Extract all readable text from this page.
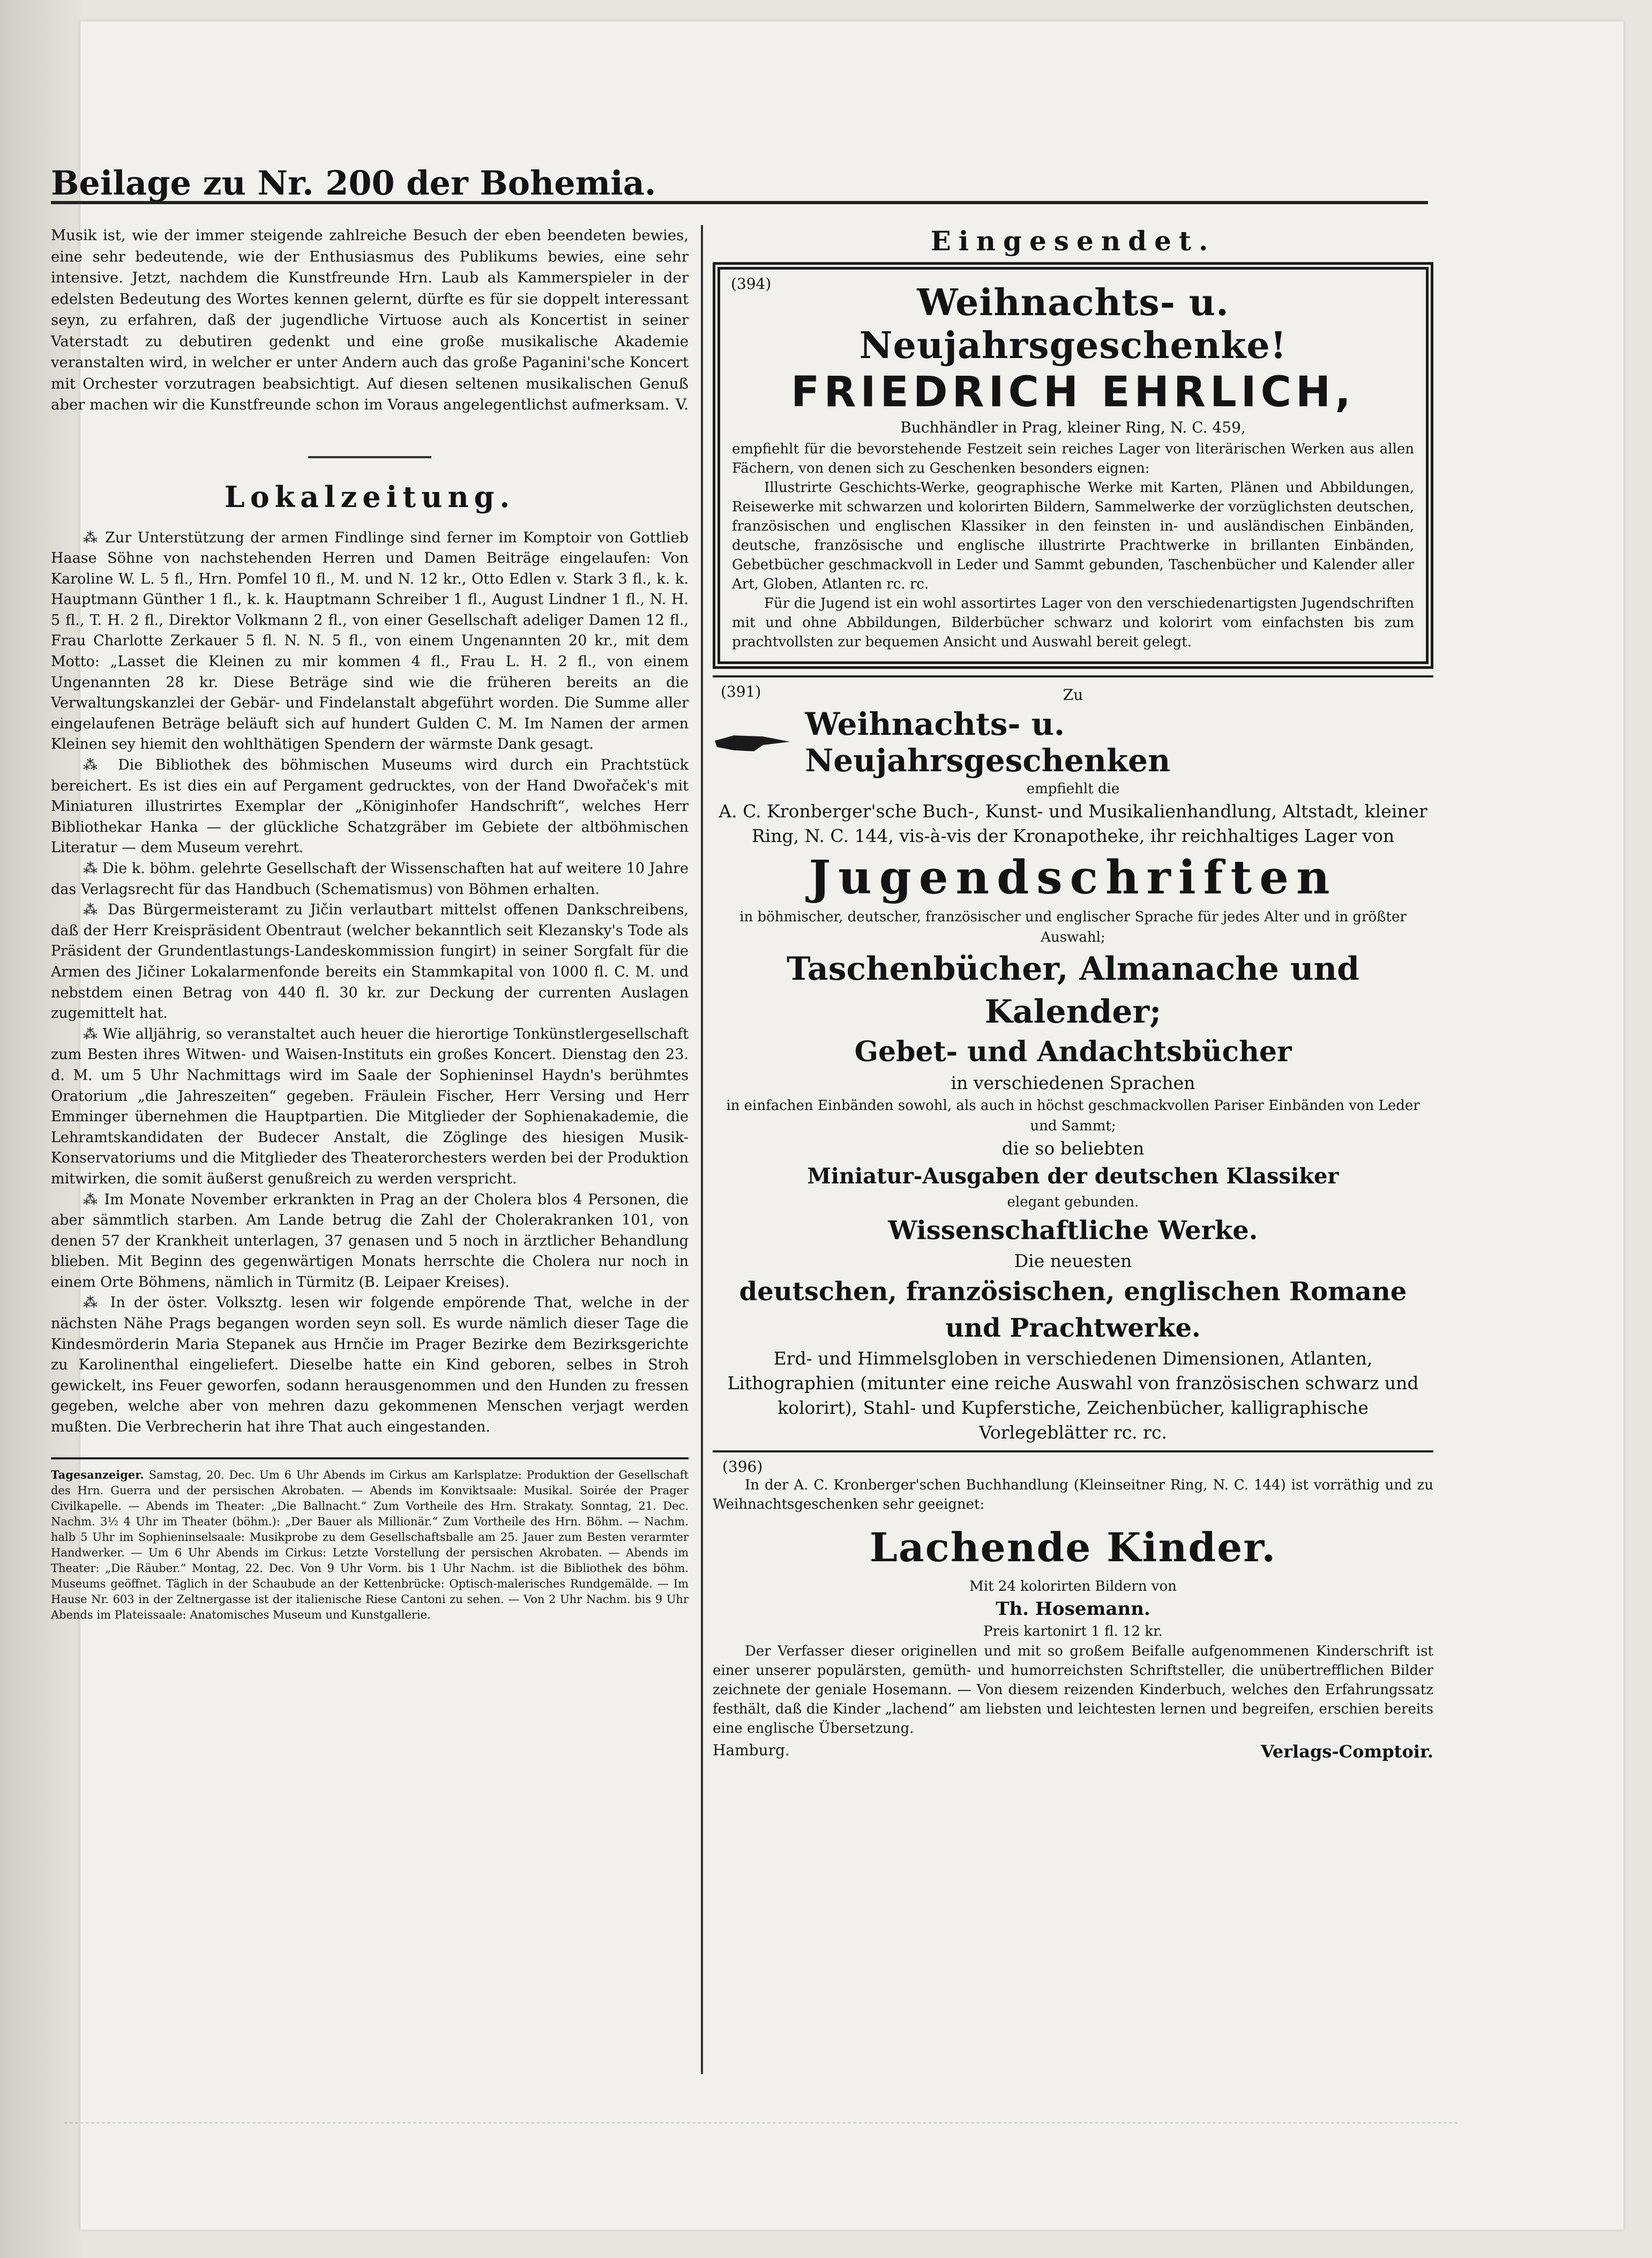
Beilage zu Nr. 200 der Bohemia.

Musik ist, wie der immer steigende zahlreiche Besuch der eben beendeten bewies, eine sehr bedeutende, wie der Enthusiasmus des Publikums bewies, eine sehr intensive. Jetzt, nachdem die Kunstfreunde Hrn. Laub als Kammerspieler in der edelsten Bedeutung des Wortes kennen gelernt, dürfte es für sie doppelt interessant seyn, zu erfahren, daß der jugendliche Virtuose auch als Koncertist in seiner Vaterstadt zu debutiren gedenkt und eine große musikalische Akademie veranstalten wird, in welcher er unter Andern auch das große Paganini'sche Koncert mit Orchester vorzutragen beabsichtigt. Auf diesen seltenen musikalischen Genuß aber machen wir die Kunstfreunde schon im Voraus angelegentlichst aufmerksam. V.

Lokalzeitung.

⁂ Zur Unterstützung der armen Findlinge sind ferner im Komptoir von Gottlieb Haase Söhne von nachstehenden Herren und Damen Beiträge eingelaufen: Von Karoline W. L. 5 fl., Hrn. Pomfel 10 fl., M. und N. 12 kr., Otto Edlen v. Stark 3 fl., k. k. Hauptmann Günther 1 fl., k. k. Hauptmann Schreiber 1 fl., August Lindner 1 fl., N. H. 5 fl., T. H. 2 fl., Direktor Volkmann 2 fl., von einer Gesellschaft adeliger Damen 12 fl., Frau Charlotte Zerkauer 5 fl. N. N. 5 fl., von einem Ungenannten 20 kr., mit dem Motto: „Lasset die Kleinen zu mir kommen 4 fl., Frau L. H. 2 fl., von einem Ungenannten 28 kr. Diese Beträge sind wie die früheren bereits an die Verwaltungskanzlei der Gebär- und Findelanstalt abgeführt worden. Die Summe aller eingelaufenen Beträge beläuft sich auf hundert Gulden C. M. Im Namen der armen Kleinen sey hiemit den wohlthätigen Spendern der wärmste Dank gesagt.

⁂ Die Bibliothek des böhmischen Museums wird durch ein Prachtstück bereichert. Es ist dies ein auf Pergament gedrucktes, von der Hand Dwořaček's mit Miniaturen illustrirtes Exemplar der „Königinhofer Handschrift“, welches Herr Bibliothekar Hanka — der glückliche Schatzgräber im Gebiete der altböhmischen Literatur — dem Museum verehrt.

⁂ Die k. böhm. gelehrte Gesellschaft der Wissenschaften hat auf weitere 10 Jahre das Verlagsrecht für das Handbuch (Schematismus) von Böhmen erhalten.

⁂ Das Bürgermeisteramt zu Jičin verlautbart mittelst offenen Dankschreibens, daß der Herr Kreispräsident Obentraut (welcher bekanntlich seit Klezansky's Tode als Präsident der Grundentlastungs-Landeskommission fungirt) in seiner Sorgfalt für die Armen des Jičiner Lokalarmenfonde bereits ein Stammkapital von 1000 fl. C. M. und nebstdem einen Betrag von 440 fl. 30 kr. zur Deckung der currenten Auslagen zugemittelt hat.

⁂ Wie alljährig, so veranstaltet auch heuer die hierortige Tonkünstlergesellschaft zum Besten ihres Witwen- und Waisen-Instituts ein großes Koncert. Dienstag den 23. d. M. um 5 Uhr Nachmittags wird im Saale der Sophieninsel Haydn's berühmtes Oratorium „die Jahreszeiten“ gegeben. Fräulein Fischer, Herr Versing und Herr Emminger übernehmen die Hauptpartien. Die Mitglieder der Sophienakademie, die Lehramtskandidaten der Budecer Anstalt, die Zöglinge des hiesigen Musik-Konservatoriums und die Mitglieder des Theaterorchesters werden bei der Produktion mitwirken, die somit äußerst genußreich zu werden verspricht.

⁂ Im Monate November erkrankten in Prag an der Cholera blos 4 Personen, die aber sämmtlich starben. Am Lande betrug die Zahl der Cholerakranken 101, von denen 57 der Krankheit unterlagen, 37 genasen und 5 noch in ärztlicher Behandlung blieben. Mit Beginn des gegenwärtigen Monats herrschte die Cholera nur noch in einem Orte Böhmens, nämlich in Türmitz (B. Leipaer Kreises).

⁂ In der öster. Volksztg. lesen wir folgende empörende That, welche in der nächsten Nähe Prags begangen worden seyn soll. Es wurde nämlich dieser Tage die Kindesmörderin Maria Stepanek aus Hrnčie im Prager Bezirke dem Bezirksgerichte zu Karolinenthal eingeliefert. Dieselbe hatte ein Kind geboren, selbes in Stroh gewickelt, ins Feuer geworfen, sodann herausgenommen und den Hunden zu fressen gegeben, welche aber von mehren dazu gekommenen Menschen verjagt werden mußten. Die Verbrecherin hat ihre That auch eingestanden.

Tagesanzeiger. Samstag, 20. Dec. Um 6 Uhr Abends im Cirkus am Karlsplatze: Produktion der Gesellschaft des Hrn. Guerra und der persischen Akrobaten. — Abends im Konviktsaale: Musikal. Soirée der Prager Civilkapelle. — Abends im Theater: „Die Ballnacht.“ Zum Vortheile des Hrn. Strakaty. Sonntag, 21. Dec. Nachm. 3½ 4 Uhr im Theater (böhm.): „Der Bauer als Millionär.“ Zum Vortheile des Hrn. Böhm. — Nachm. halb 5 Uhr im Sophieninselsaale: Musikprobe zu dem Gesellschaftsballe am 25. Jauer zum Besten verarmter Handwerker. — Um 6 Uhr Abends im Cirkus: Letzte Vorstellung der persischen Akrobaten. — Abends im Theater: „Die Räuber.“ Montag, 22. Dec. Von 9 Uhr Vorm. bis 1 Uhr Nachm. ist die Bibliothek des böhm. Museums geöffnet. Täglich in der Schaubude an der Kettenbrücke: Optisch-malerisches Rundgemälde. — Im Hause Nr. 603 in der Zeltnergasse ist der italienische Riese Cantoni zu sehen. — Von 2 Uhr Nachm. bis 9 Uhr Abends im Plateissaale: Anatomisches Museum und Kunstgallerie.

Eingesendet.
(394)	Weihnachts- u. Neujahrsgeschenke!
FRIEDRICH EHRLICH,
Buchhändler in Prag, kleiner Ring, N. C. 459,

empfiehlt für die bevorstehende Festzeit sein reiches Lager von literärischen Werken aus allen Fächern, von denen sich zu Geschenken besonders eignen:

Illustrirte Geschichts-Werke, geographische Werke mit Karten, Plänen und Abbildungen, Reisewerke mit schwarzen und kolorirten Bildern, Sammelwerke der vorzüglichsten deutschen, französischen und englischen Klassiker in den feinsten in- und ausländischen Einbänden, deutsche, französische und englische illustrirte Prachtwerke in brillanten Einbänden, Gebetbücher geschmackvoll in Leder und Sammt gebunden, Taschenbücher und Kalender aller Art, Globen, Atlanten rc. rc.

Für die Jugend ist ein wohl assortirtes Lager von den verschiedenartigsten Jugendschriften mit und ohne Abbildungen, Bilderbücher schwarz und kolorirt vom einfachsten bis zum prachtvollsten zur bequemen Ansicht und Auswahl bereit gelegt.

(391)	Zu
Weihnachts- u. Neujahrsgeschenken
empfiehlt die
A. C. Kronberger'sche Buch-, Kunst- und Musikalienhandlung, Altstadt, kleiner Ring, N. C. 144, vis-à-vis der Kronapotheke, ihr reichhaltiges Lager von
Jugendschriften
in böhmischer, deutscher, französischer und englischer Sprache für jedes Alter und in größter Auswahl;
Taschenbücher, Almanache und Kalender;
Gebet- und Andachtsbücher
in verschiedenen Sprachen
in einfachen Einbänden sowohl, als auch in höchst geschmackvollen Pariser Einbänden von Leder und Sammt;
die so beliebten
Miniatur-Ausgaben der deutschen Klassiker
elegant gebunden.
Wissenschaftliche Werke.
Die neuesten
deutschen, französischen, englischen Romane und Prachtwerke.
Erd- und Himmelsgloben in verschiedenen Dimensionen, Atlanten, Lithographien (mitunter eine reiche Auswahl von französischen schwarz und kolorirt), Stahl- und Kupferstiche, Zeichenbücher, kalligraphische Vorlegeblätter rc. rc.
(396)

In der A. C. Kronberger'schen Buchhandlung (Kleinseitner Ring, N. C. 144) ist vorräthig und zu Weihnachtsgeschenken sehr geeignet:

Lachende Kinder.
Mit 24 kolorirten Bildern von
Th. Hosemann.
Preis kartonirt 1 fl. 12 kr.

Der Verfasser dieser originellen und mit so großem Beifalle aufgenommenen Kinderschrift ist einer unserer populärsten, gemüth- und humorreichsten Schriftsteller, die unübertrefflichen Bilder zeichnete der geniale Hosemann. — Von diesem reizenden Kinderbuch, welches den Erfahrungssatz festhält, daß die Kinder „lachend“ am liebsten und leichtesten lernen und begreifen, erschien bereits eine englische Übersetzung.

Hamburg.	Verlags-Comptoir.
